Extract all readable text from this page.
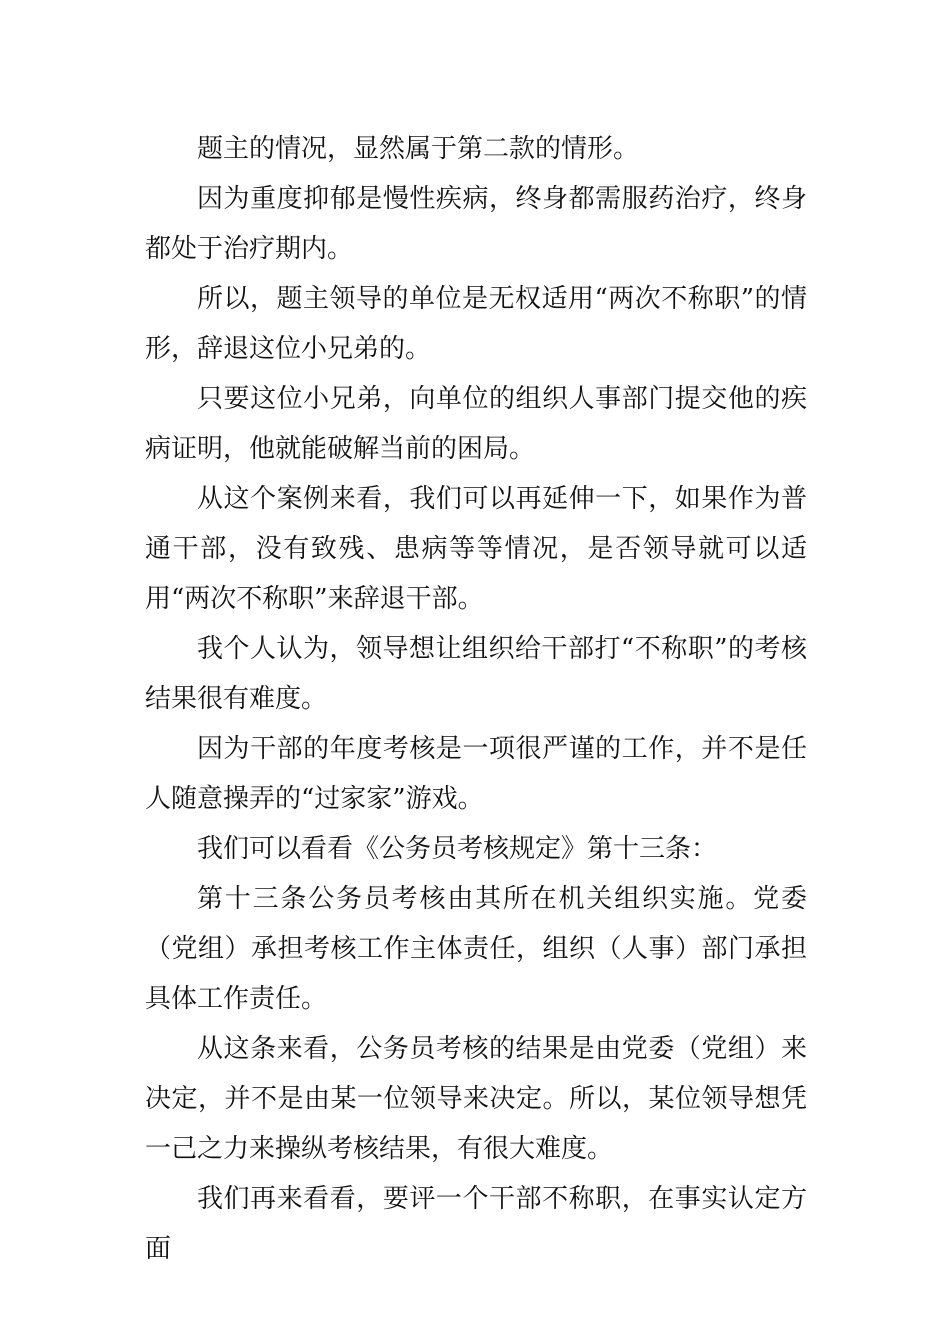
题主的情况，显然属于第二款的情形。

因为重度抑郁是慢性疾病，终身都需服药治疗，终身都处于治疗期内。

所以，题主领导的单位是无权适用“两次不称职”的情形，辞退这位小兄弟的。

只要这位小兄弟，向单位的组织人事部门提交他的疾病证明，他就能破解当前的困局。

从这个案例来看，我们可以再延伸一下，如果作为普通干部，没有致残、患病等等情况，是否领导就可以适用“两次不称职”来辞退干部。

我个人认为，领导想让组织给干部打“不称职”的考核结果很有难度。

因为干部的年度考核是一项很严谨的工作，并不是任人随意操弄的“过家家”游戏。

我们可以看看《公务员考核规定》第十三条：

第十三条公务员考核由其所在机关组织实施。党委（党组）承担考核工作主体责任，组织（人事）部门承担具体工作责任。

从这条来看，公务员考核的结果是由党委（党组）来决定，并不是由某一位领导来决定。所以，某位领导想凭一己之力来操纵考核结果，有很大难度。

我们再来看看，要评一个干部不称职，在事实认定方面
